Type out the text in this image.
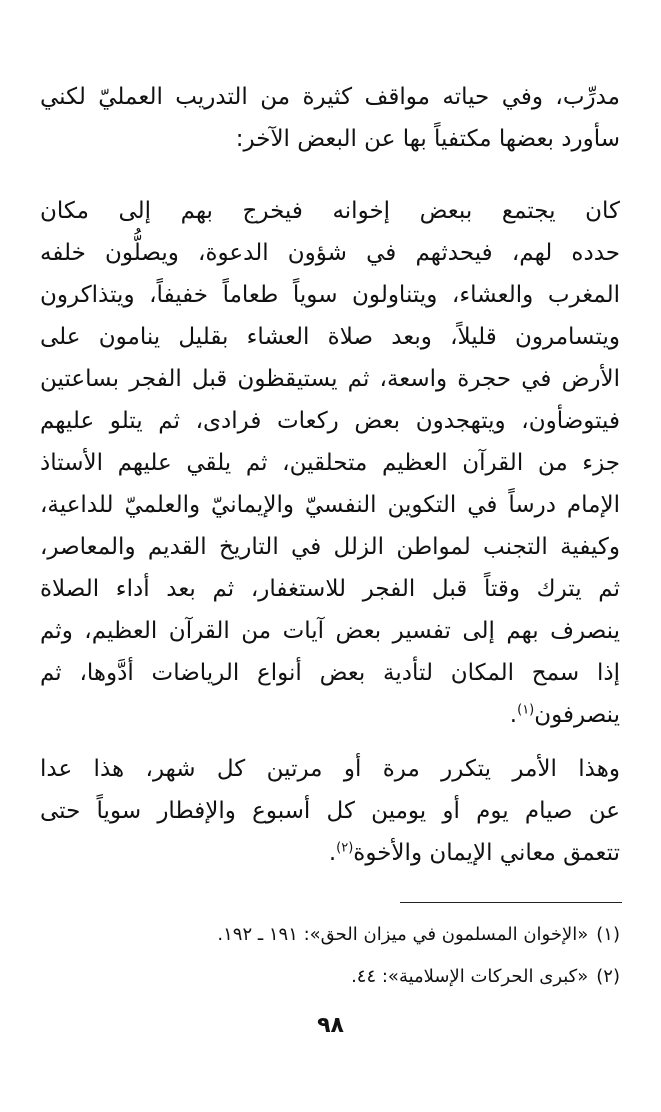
مدرِّب، وفي حياته مواقف كثيرة من التدريب العمليّ لكني
سأورد بعضها مكتفياً بها عن البعض الآخر:
كان يجتمع ببعض إخوانه فيخرج بهم إلى مكان
حدده لهم، فيحدثهم في شؤون الدعوة، ويصلُّون خلفه
المغرب والعشاء، ويتناولون سوياً طعاماً خفيفاً، ويتذاكرون
ويتسامرون قليلاً، وبعد صلاة العشاء بقليل ينامون على
الأرض في حجرة واسعة، ثم يستيقظون قبل الفجر بساعتين
فيتوضأون، ويتهجدون بعض ركعات فرادى، ثم يتلو عليهم
جزء من القرآن العظيم متحلقين، ثم يلقي عليهم الأستاذ
الإمام درساً في التكوين النفسيّ والإيمانيّ والعلميّ للداعية،
وكيفية التجنب لمواطن الزلل في التاريخ القديم والمعاصر،
ثم يترك وقتاً قبل الفجر للاستغفار، ثم بعد أداء الصلاة
ينصرف بهم إلى تفسير بعض آيات من القرآن العظيم، وثم
إذا سمح المكان لتأدية بعض أنواع الرياضات أدَّوها، ثم
ينصرفون$^{(١)}$.
وهذا الأمر يتكرر مرة أو مرتين كل شهر، هذا عدا
عن صيام يوم أو يومين كل أسبوع والإفطار سوياً حتى
تتعمق معاني الإيمان والأخوة$^{(٢)}$.
(١)«الإخوان المسلمون في ميزان الحق»: ١٩١ ـ ١٩٢.
(٢)«كبرى الحركات الإسلامية»: ٤٤.
٩٨
